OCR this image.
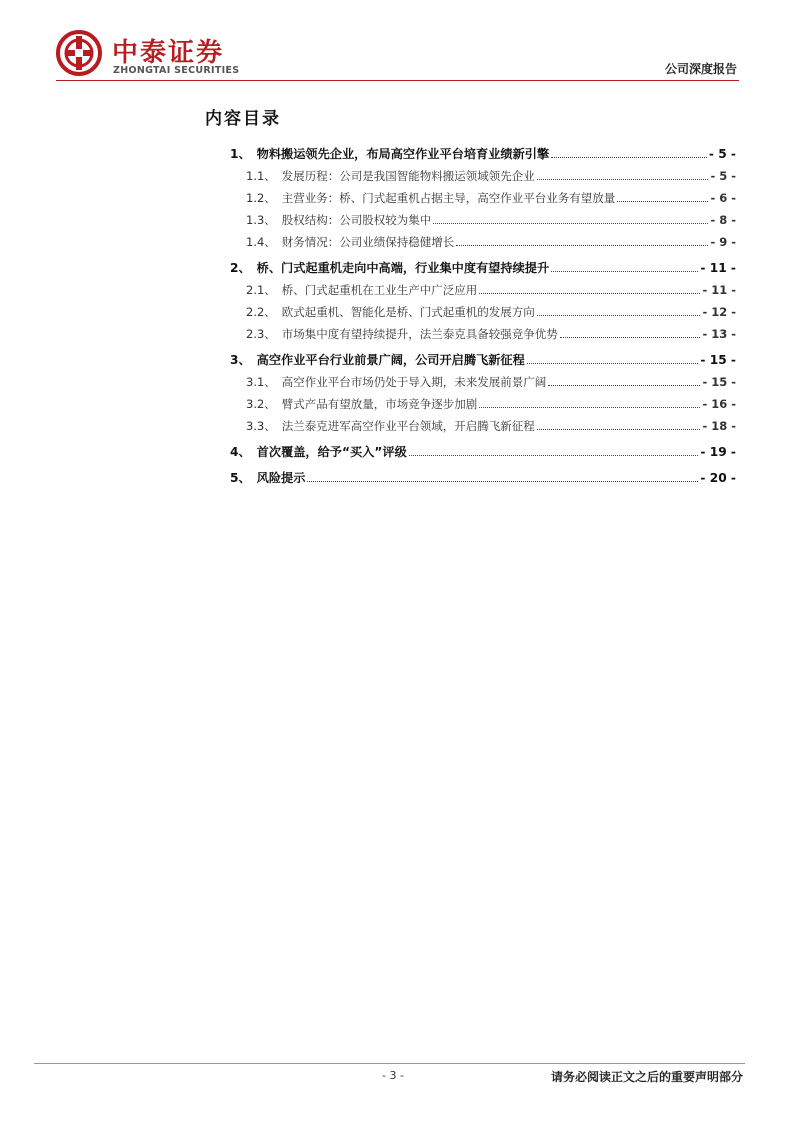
中泰证券
ZHONGTAI SECURITIES	公司深度报告
内容目录
1、 物料搬运领先企业，布局高空作业平台培育业绩新引擎	- 5 -
1.1、 发展历程：公司是我国智能物料搬运领域领先企业	- 5 -
1.2、 主营业务：桥、门式起重机占据主导，高空作业平台业务有望放量	- 6 -
1.3、 股权结构：公司股权较为集中	- 8 -
1.4、 财务情况：公司业绩保持稳健增长	- 9 -
2、 桥、门式起重机走向中高端，行业集中度有望持续提升	- 11 -
2.1、 桥、门式起重机在工业生产中广泛应用	- 11 -
2.2、 欧式起重机、智能化是桥、门式起重机的发展方向	- 12 -
2.3、 市场集中度有望持续提升，法兰泰克具备较强竞争优势	- 13 -
3、 高空作业平台行业前景广阔，公司开启腾飞新征程	- 15 -
3.1、 高空作业平台市场仍处于导入期，未来发展前景广阔	- 15 -
3.2、 臂式产品有望放量，市场竞争逐步加剧	- 16 -
3.3、 法兰泰克进军高空作业平台领域，开启腾飞新征程	- 18 -
4、 首次覆盖，给予“买入”评级	- 19 -
5、 风险提示	- 20 -
- 3 -	请务必阅读正文之后的重要声明部分
